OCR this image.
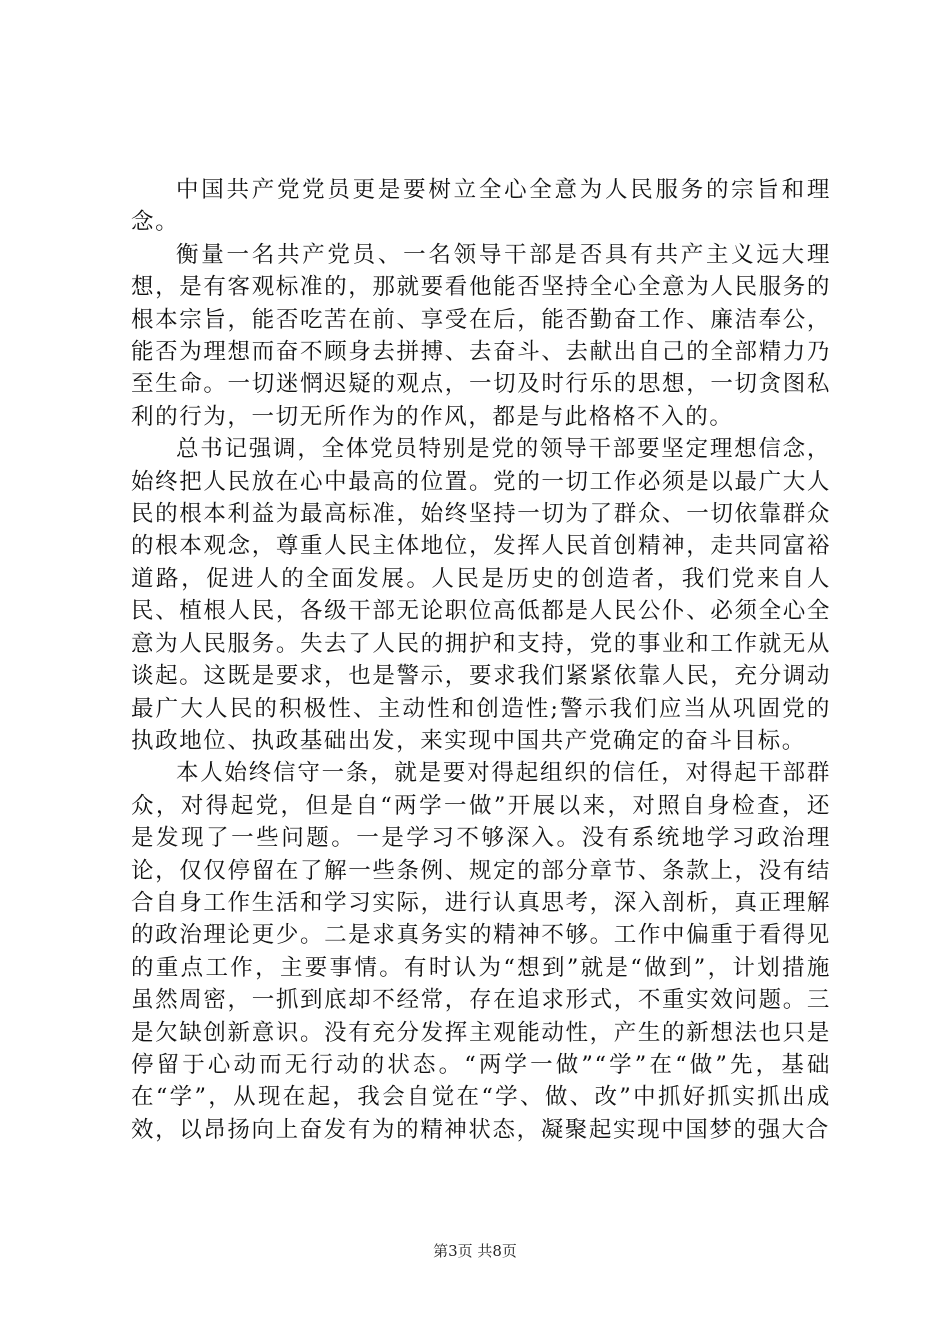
中国共产党党员更是要树立全心全意为人民服务的宗旨和理念。

衡量一名共产党员、一名领导干部是否具有共产主义远大理想，是有客观标准的，那就要看他能否坚持全心全意为人民服务的根本宗旨，能否吃苦在前、享受在后，能否勤奋工作、廉洁奉公，能否为理想而奋不顾身去拼搏、去奋斗、去献出自己的全部精力乃至生命。一切迷惘迟疑的观点，一切及时行乐的思想，一切贪图私利的行为，一切无所作为的作风，都是与此格格不入的。

总书记强调，全体党员特别是党的领导干部要坚定理想信念，始终把人民放在心中最高的位置。党的一切工作必须是以最广大人民的根本利益为最高标准，始终坚持一切为了群众、一切依靠群众的根本观念，尊重人民主体地位，发挥人民首创精神，走共同富裕道路，促进人的全面发展。人民是历史的创造者，我们党来自人民、植根人民，各级干部无论职位高低都是人民公仆、必须全心全意为人民服务。失去了人民的拥护和支持，党的事业和工作就无从谈起。这既是要求，也是警示，要求我们紧紧依靠人民，充分调动最广大人民的积极性、主动性和创造性;警示我们应当从巩固党的执政地位、执政基础出发，来实现中国共产党确定的奋斗目标。

本人始终信守一条，就是要对得起组织的信任，对得起干部群众，对得起党，但是自“两学一做”开展以来，对照自身检查，还是发现了一些问题。一是学习不够深入。没有系统地学习政治理论，仅仅停留在了解一些条例、规定的部分章节、条款上，没有结合自身工作生活和学习实际，进行认真思考，深入剖析，真正理解的政治理论更少。二是求真务实的精神不够。工作中偏重于看得见的重点工作，主要事情。有时认为“想到”就是“做到”，计划措施虽然周密，一抓到底却不经常，存在追求形式，不重实效问题。三是欠缺创新意识。没有充分发挥主观能动性，产生的新想法也只是停留于心动而无行动的状态。“两学一做”“学”在“做”先，基础在“学”，从现在起，我会自觉在“学、做、改”中抓好抓实抓出成效，以昂扬向上奋发有为的精神状态，凝聚起实现中国梦的强大合

第3页 共8页
